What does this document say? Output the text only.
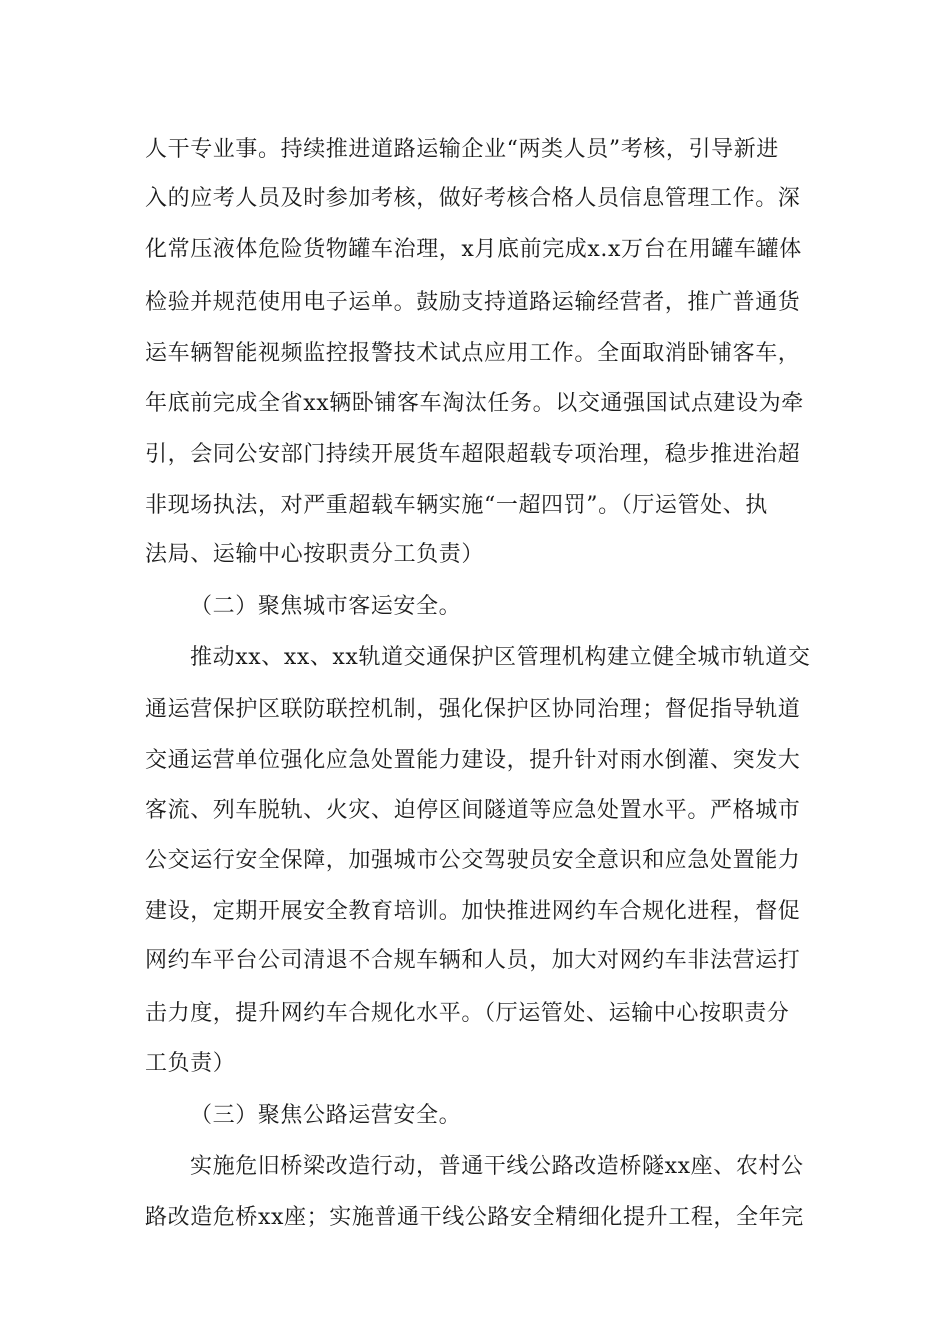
人干专业事。持续推进道路运输企业“两类人员”考核，引导新进
入的应考人员及时参加考核，做好考核合格人员信息管理工作。深
化常压液体危险货物罐车治理，x月底前完成x.x万台在用罐车罐体
检验并规范使用电子运单。鼓励支持道路运输经营者，推广普通货
运车辆智能视频监控报警技术试点应用工作。全面取消卧铺客车，
年底前完成全省xx辆卧铺客车淘汰任务。以交通强国试点建设为牵
引，会同公安部门持续开展货车超限超载专项治理，稳步推进治超
非现场执法，对严重超载车辆实施“一超四罚”。（厅运管处、执
法局、运输中心按职责分工负责）
（二）聚焦城市客运安全。
推动xx、xx、xx轨道交通保护区管理机构建立健全城市轨道交
通运营保护区联防联控机制，强化保护区协同治理；督促指导轨道
交通运营单位强化应急处置能力建设，提升针对雨水倒灌、突发大
客流、列车脱轨、火灾、迫停区间隧道等应急处置水平。严格城市
公交运行安全保障，加强城市公交驾驶员安全意识和应急处置能力
建设，定期开展安全教育培训。加快推进网约车合规化进程，督促
网约车平台公司清退不合规车辆和人员，加大对网约车非法营运打
击力度，提升网约车合规化水平。（厅运管处、运输中心按职责分
工负责）
（三）聚焦公路运营安全。
实施危旧桥梁改造行动，普通干线公路改造桥隧xx座、农村公
路改造危桥xx座；实施普通干线公路安全精细化提升工程，全年完
